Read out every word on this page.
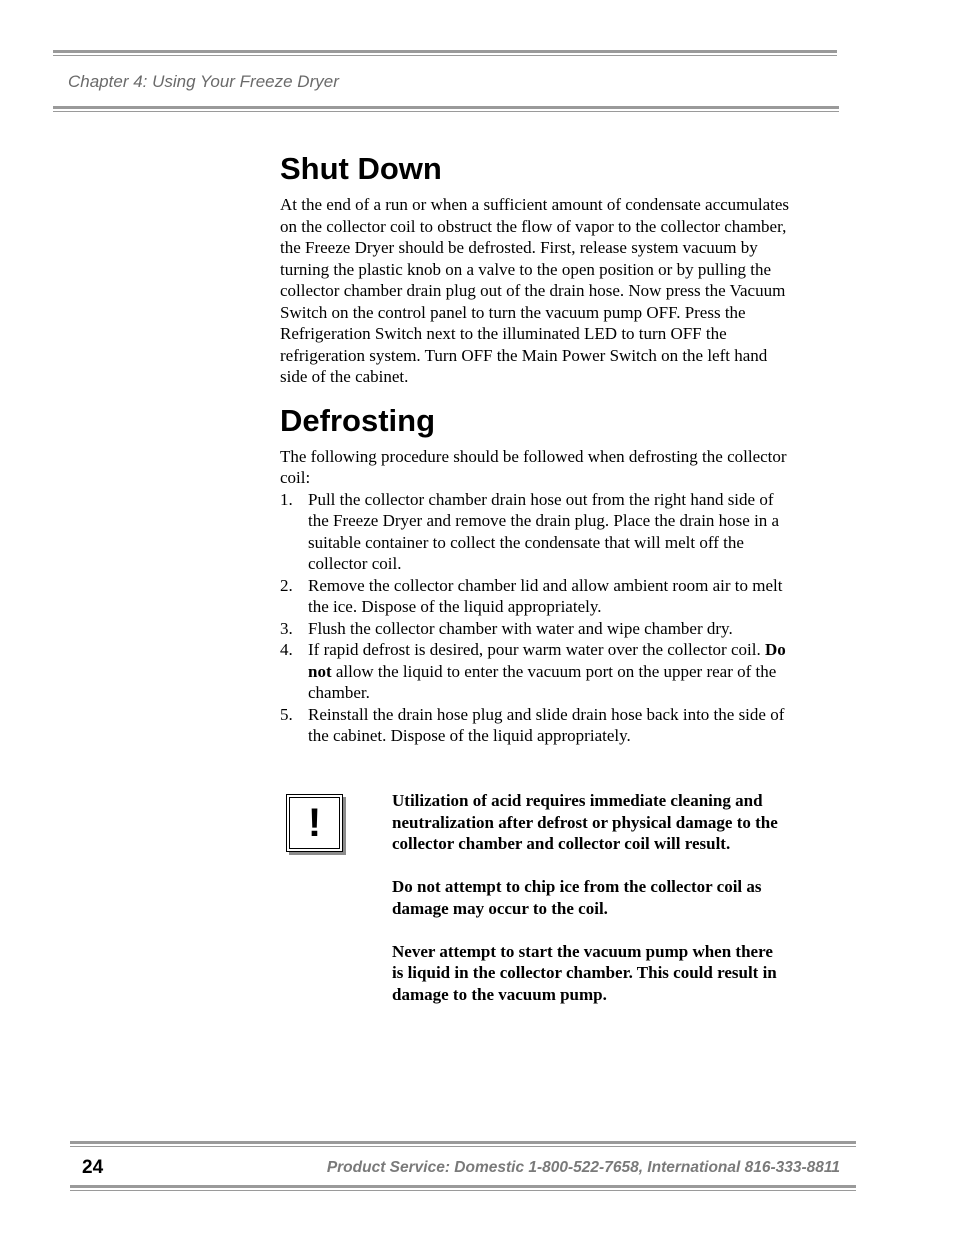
Chapter 4: Using Your Freeze Dryer
Shut Down

At the end of a run or when a sufficient amount of condensate accumulates on the collector coil to obstruct the flow of vapor to the collector chamber, the Freeze Dryer should be defrosted. First, release system vacuum by turning the plastic knob on a valve to the open position or by pulling the collector chamber drain plug out of the drain hose. Now press the Vacuum Switch on the control panel to turn the vacuum pump OFF. Press the Refrigeration Switch next to the illuminated LED to turn OFF the refrigeration system. Turn OFF the Main Power Switch on the left hand side of the cabinet.

Defrosting

The following procedure should be followed when defrosting the collector coil:

1. Pull the collector chamber drain hose out from the right hand side of the Freeze Dryer and remove the drain plug. Place the drain hose in a suitable container to collect the condensate that will melt off the collector coil.
2. Remove the collector chamber lid and allow ambient room air to melt the ice. Dispose of the liquid appropriately.
3. Flush the collector chamber with water and wipe chamber dry.
4. If rapid defrost is desired, pour warm water over the collector coil. Do not allow the liquid to enter the vacuum port on the upper rear of the chamber.
5. Reinstall the drain hose plug and slide drain hose back into the side of the cabinet. Dispose of the liquid appropriately.
!	Utilization of acid requires immediate cleaning and neutralization after defrost or physical damage to the collector chamber and collector coil will result.

Do not attempt to chip ice from the collector coil as damage may occur to the coil.

Never attempt to start the vacuum pump when there is liquid in the collector chamber. This could result in damage to the vacuum pump.

24	Product Service: Domestic 1-800-522-7658, International 816-333-8811
